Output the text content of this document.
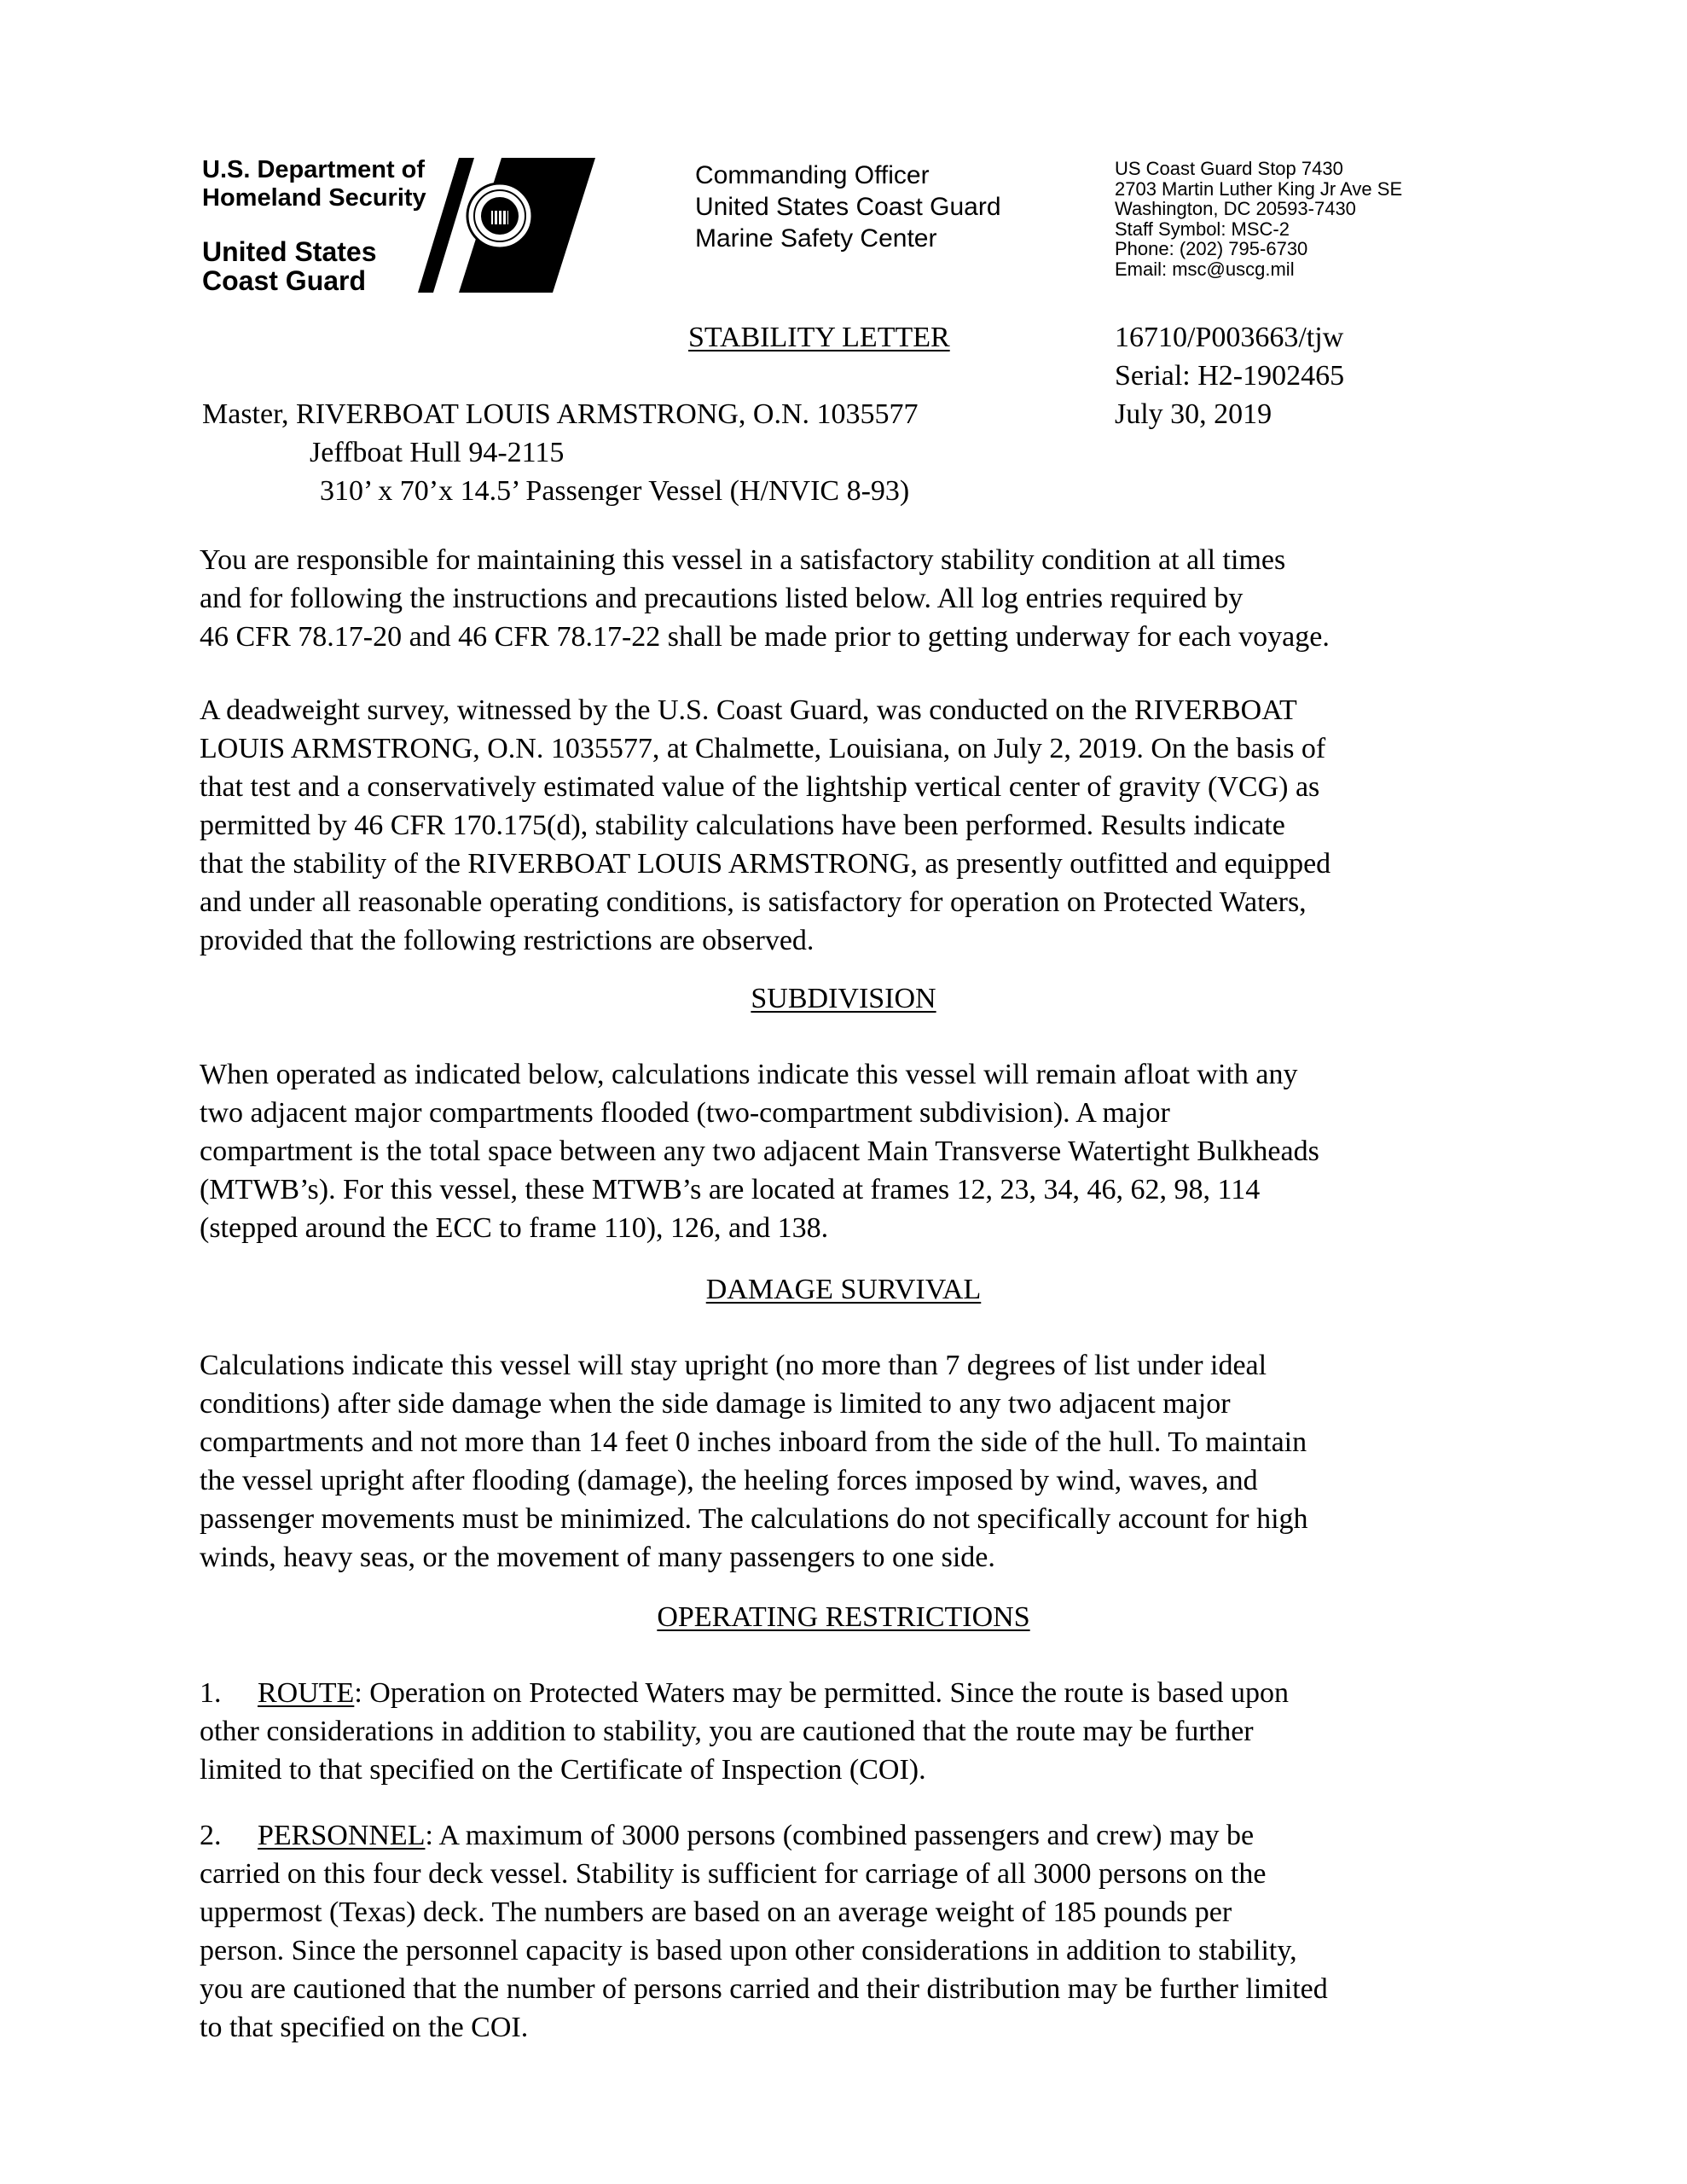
U.S. Department of
Homeland Security
United States
Coast Guard
Commanding Officer
United States Coast Guard
Marine Safety Center
US Coast Guard Stop 7430
2703 Martin Luther King Jr Ave SE
Washington, DC 20593-7430
Staff Symbol: MSC-2
Phone: (202) 795-6730
Email: msc@uscg.mil
STABILITY LETTER	16710/P003663/tjw
Serial: H2-1902465
July 30, 2019
Master, RIVERBOAT LOUIS ARMSTRONG, O.N. 1035577
Jeffboat Hull 94-2115
310’ x 70’x 14.5’ Passenger Vessel (H/NVIC 8-93)
You are responsible for maintaining this vessel in a satisfactory stability condition at all times
and for following the instructions and precautions listed below. All log entries required by
46 CFR 78.17-20 and 46 CFR 78.17-22 shall be made prior to getting underway for each voyage.
A deadweight survey, witnessed by the U.S. Coast Guard, was conducted on the RIVERBOAT
LOUIS ARMSTRONG, O.N. 1035577, at Chalmette, Louisiana, on July 2, 2019. On the basis of
that test and a conservatively estimated value of the lightship vertical center of gravity (VCG) as
permitted by 46 CFR 170.175(d), stability calculations have been performed. Results indicate
that the stability of the RIVERBOAT LOUIS ARMSTRONG, as presently outfitted and equipped
and under all reasonable operating conditions, is satisfactory for operation on Protected Waters,
provided that the following restrictions are observed.
SUBDIVISION
When operated as indicated below, calculations indicate this vessel will remain afloat with any
two adjacent major compartments flooded (two-compartment subdivision). A major
compartment is the total space between any two adjacent Main Transverse Watertight Bulkheads
(MTWB’s). For this vessel, these MTWB’s are located at frames 12, 23, 34, 46, 62, 98, 114
(stepped around the ECC to frame 110), 126, and 138.
DAMAGE SURVIVAL
Calculations indicate this vessel will stay upright (no more than 7 degrees of list under ideal
conditions) after side damage when the side damage is limited to any two adjacent major
compartments and not more than 14 feet 0 inches inboard from the side of the hull. To maintain
the vessel upright after flooding (damage), the heeling forces imposed by wind, waves, and
passenger movements must be minimized. The calculations do not specifically account for high
winds, heavy seas, or the movement of many passengers to one side.
OPERATING RESTRICTIONS
1. ROUTE: Operation on Protected Waters may be permitted. Since the route is based upon
other considerations in addition to stability, you are cautioned that the route may be further
limited to that specified on the Certificate of Inspection (COI).
2. PERSONNEL: A maximum of 3000 persons (combined passengers and crew) may be
carried on this four deck vessel. Stability is sufficient for carriage of all 3000 persons on the
uppermost (Texas) deck. The numbers are based on an average weight of 185 pounds per
person. Since the personnel capacity is based upon other considerations in addition to stability,
you are cautioned that the number of persons carried and their distribution may be further limited
to that specified on the COI.
